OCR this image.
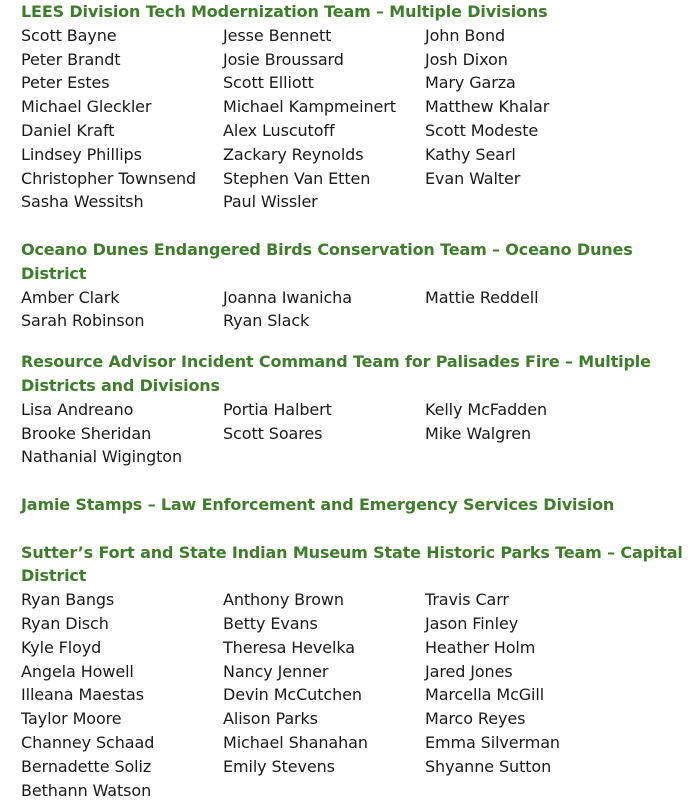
LEES Division Tech Modernization Team – Multiple Divisions

Scott Bayne	Jesse Bennett	John Bond
Peter Brandt	Josie Broussard	Josh Dixon
Peter Estes	Scott Elliott	Mary Garza
Michael Gleckler	Michael Kampmeinert	Matthew Khalar
Daniel Kraft	Alex Luscutoff	Scott Modeste
Lindsey Phillips	Zackary Reynolds	Kathy Searl
Christopher Townsend	Stephen Van Etten	Evan Walter
Sasha Wessitsh	Paul Wissler

Oceano Dunes Endangered Birds Conservation Team – Oceano Dunes District

Amber Clark	Joanna Iwanicha	Mattie Reddell
Sarah Robinson	Ryan Slack

Resource Advisor Incident Command Team for Palisades Fire – Multiple Districts and Divisions

Lisa Andreano	Portia Halbert	Kelly McFadden
Brooke Sheridan	Scott Soares	Mike Walgren
Nathanial Wigington

Jamie Stamps – Law Enforcement and Emergency Services Division

Sutter’s Fort and State Indian Museum State Historic Parks Team – Capital District

Ryan Bangs	Anthony Brown	Travis Carr
Ryan Disch	Betty Evans	Jason Finley
Kyle Floyd	Theresa Hevelka	Heather Holm
Angela Howell	Nancy Jenner	Jared Jones
Illeana Maestas	Devin McCutchen	Marcella McGill
Taylor Moore	Alison Parks	Marco Reyes
Channey Schaad	Michael Shanahan	Emma Silverman
Bernadette Soliz	Emily Stevens	Shyanne Sutton
Bethann Watson
